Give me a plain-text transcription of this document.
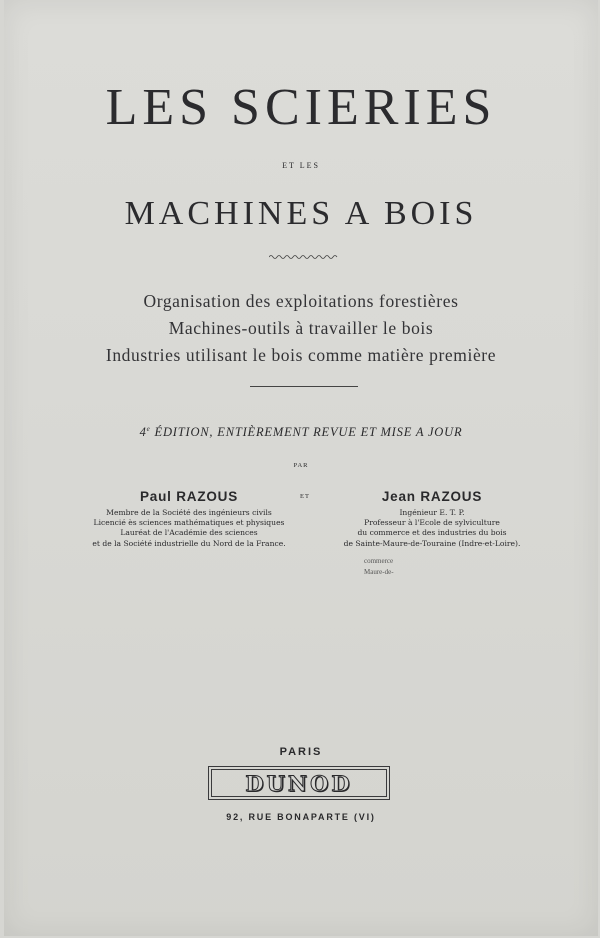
LES SCIERIES
ET LES
MACHINES A BOIS
Organisation des exploitations forestières
Machines-outils à travailler le bois
Industries utilisant le bois comme matière première
4e ÉDITION, ENTIÈREMENT REVUE ET MISE A JOUR
PAR
Paul RAZOUS
Membre de la Société des ingénieurs civils
Licencié ès sciences mathématiques et physiques
Lauréat de l'Académie des sciences
et de la Société industrielle du Nord de la France.
ET	Jean RAZOUS
Ingénieur E. T. P.
Professeur à l'Ecole de sylviculture
du commerce et des industries du bois
de Sainte-Maure-de-Touraine (Indre-et-Loire).
commerce
Maure-de-
PARIS
DUNOD
92, RUE BONAPARTE (VI)
